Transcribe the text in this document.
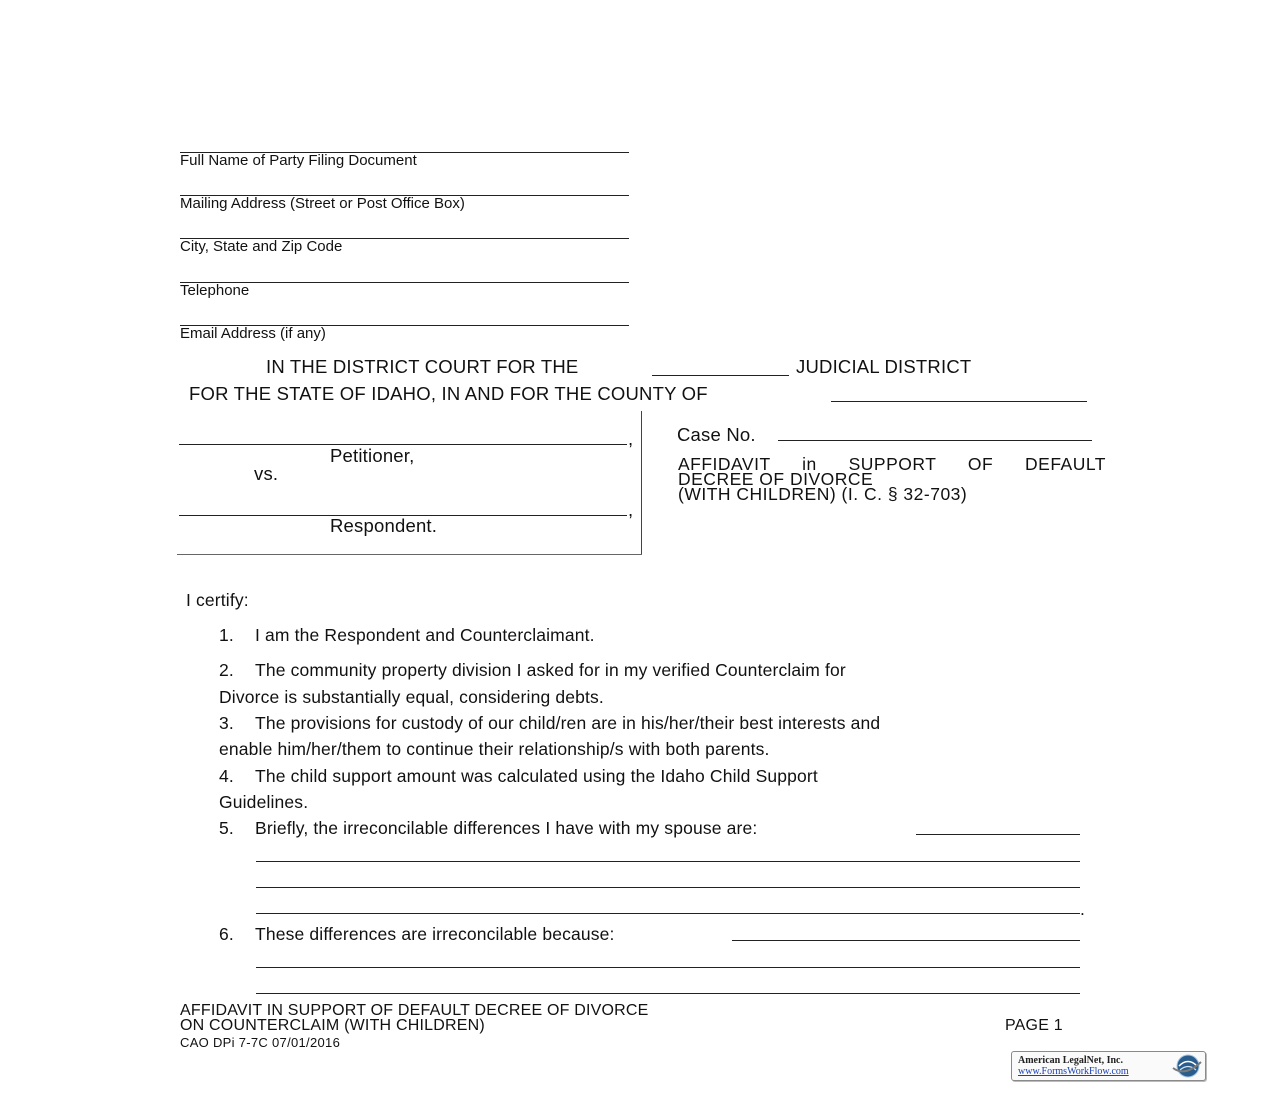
Full Name of Party Filing Document
Mailing Address (Street or Post Office Box)
City, State and Zip Code
Telephone
Email Address (if any)
IN THE DISTRICT COURT FOR THE	JUDICIAL DISTRICT
FOR THE STATE OF IDAHO, IN AND FOR THE COUNTY OF
,
Petitioner,
vs.
,
Respondent.
Case No.
AFFIDAVIT in SUPPORT OF DEFAULT
DECREE OF DIVORCE
(WITH CHILDREN) (I. C. § 32-703)
I certify:
1. I am the Respondent and Counterclaimant.
2. The community property division I asked for in my verified Counterclaim for
Divorce is substantially equal, considering debts.
3. The provisions for custody of our child/ren are in his/her/their best interests and
enable him/her/them to continue their relationship/s with both parents.
4. The child support amount was calculated using the Idaho Child Support
Guidelines.
5. Briefly, the irreconcilable differences I have with my spouse are:
.
6. These differences are irreconcilable because:
AFFIDAVIT IN SUPPORT OF DEFAULT DECREE OF DIVORCE
ON COUNTERCLAIM (WITH CHILDREN)
CAO DPi 7-7C 07/01/2016
PAGE 1
American LegalNet, Inc.
www.FormsWorkFlow.com
